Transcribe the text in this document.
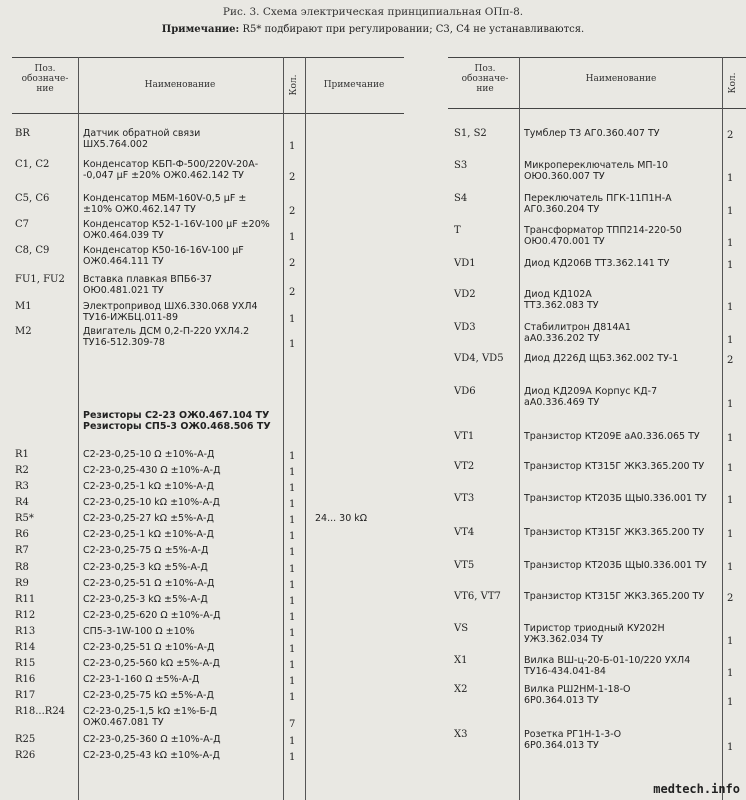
Рис. 3. Схема электрическая принципиальная ОПп-8.
Примечание: R5* подбирают при регулировании; С3, С4 не устанавливаются.
Поз. обозначе-ние	Наименование	Кол.	Примечание
Поз. обозначе-ние
Наименование	Кол.
BR	Датчик обратной связи
ШХ5.764.002	1
C1, C2	Конденсатор КБП-Ф-500/220V-20А-
-0,047 µF ±20% ОЖ0.462.142 ТУ	2
C5, C6	Конденсатор МБМ-160V-0,5 µF ±
±10% ОЖ0.462.147 ТУ	2
C7	Конденсатор К52-1-16V-100 µF ±20%
ОЖ0.464.039 ТУ	1
C8, C9	Конденсатор К50-16-16V-100 µF
ОЖ0.464.111 ТУ	2
FU1, FU2 Вставка плавкая ВПБ6-37
ОЮ0.481.021 ТУ	2
M1	Электропривод ШХ6.330.068 УХЛ4
ТУ16-ИЖБЦ.011-89	1
M2	Двигатель ДСМ 0,2-П-220 УХЛ4.2
ТУ16-512.309-78	1
Резисторы С2-23 ОЖ0.467.104 ТУ
Резисторы СП5-3 ОЖ0.468.506 ТУ
R1	С2-23-0,25-10 Ω ±10%-А-Д	1
R2	С2-23-0,25-430 Ω ±10%-А-Д	1
R3	С2-23-0,25-1 kΩ ±10%-А-Д	1
R4	С2-23-0,25-10 kΩ ±10%-А-Д	1
R5*	С2-23-0,25-27 kΩ ±5%-А-Д	1 24... 30 kΩ
R6	С2-23-0,25-1 kΩ ±10%-А-Д	1
R7	С2-23-0,25-75 Ω ±5%-А-Д	1
R8	С2-23-0,25-3 kΩ ±5%-А-Д	1
R9	С2-23-0,25-51 Ω ±10%-А-Д	1
R11	С2-23-0,25-3 kΩ ±5%-А-Д	1
R12	С2-23-0,25-620 Ω ±10%-А-Д	1
R13	СП5-3-1W-100 Ω ±10%	1
R14	С2-23-0,25-51 Ω ±10%-А-Д	1
R15	С2-23-0,25-560 kΩ ±5%-А-Д	1
R16	С2-23-1-160 Ω ±5%-А-Д	1
R17	С2-23-0,25-75 kΩ ±5%-А-Д	1
R18...R24 С2-23-0,25-1,5 kΩ ±1%-Б-Д
ОЖ0.467.081 ТУ	7
R25	С2-23-0,25-360 Ω ±10%-А-Д	1
R26	С2-23-0,25-43 kΩ ±10%-А-Д	1
S1, S2	Тумблер Т3 АГ0.360.407 ТУ	2
S3	Микропереключатель МП-10
ОЮ0.360.007 ТУ	1
S4	Переключатель ПГК-11П1Н-А
АГ0.360.204 ТУ	1
T	Трансформатор ТПП214-220-50
ОЮ0.470.001 ТУ	1
VD1	Диод КД206В ТТ3.362.141 ТУ	1
VD2	Диод КД102А
ТТ3.362.083 ТУ	1
VD3	Стабилитрон Д814А1
aA0.336.202 ТУ	1
VD4, VD5 Диод Д226Д ЩБ3.362.002 ТУ-1	2
VD6	Диод КД209А Корпус КД-7
aA0.336.469 ТУ	1
VT1	Транзистор КТ209Е aA0.336.065 ТУ	1
VT2	Транзистор КТ315Г ЖК3.365.200 ТУ 1
VT3	Транзистор КТ203Б ЩЫ0.336.001 ТУ 1
VT4	Транзистор КТ315Г ЖК3.365.200 ТУ 1
VT5	Транзистор КТ203Б ЩЫ0.336.001 ТУ 1
VT6, VT7 Транзистор КТ315Г ЖК3.365.200 ТУ 2
VS	Тиристор триодный КУ202Н
УЖ3.362.034 ТУ	1
X1	Вилка ВШ-ц-20-Б-01-10/220 УХЛ4
ТУ16-434.041-84	1
X2	Вилка РШ2НМ-1-18-О
6Р0.364.013 ТУ	1
X3	Розетка РГ1Н-1-3-О
6Р0.364.013 ТУ	1
medtech.info
